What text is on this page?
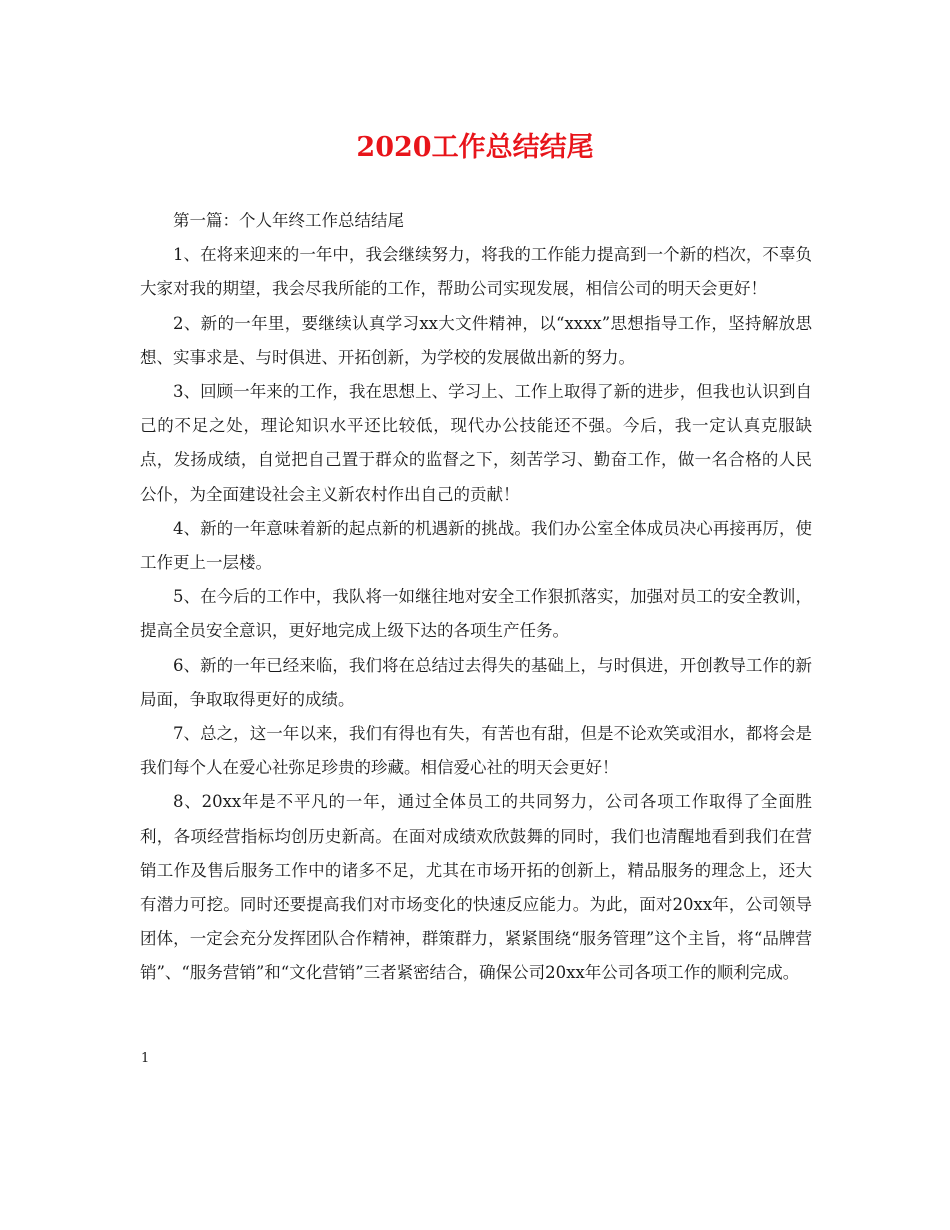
2020工作总结结尾

第一篇：个人年终工作总结结尾

1、在将来迎来的一年中，我会继续努力，将我的工作能力提高到一个新的档次，不辜负大家对我的期望，我会尽我所能的工作，帮助公司实现发展，相信公司的明天会更好！

2、新的一年里，要继续认真学习xx大文件精神，以“xxxx”思想指导工作，坚持解放思想、实事求是、与时俱进、开拓创新，为学校的发展做出新的努力。

3、回顾一年来的工作，我在思想上、学习上、工作上取得了新的进步，但我也认识到自己的不足之处，理论知识水平还比较低，现代办公技能还不强。今后，我一定认真克服缺点，发扬成绩，自觉把自己置于群众的监督之下，刻苦学习、勤奋工作，做一名合格的人民公仆，为全面建设社会主义新农村作出自己的贡献！

4、新的一年意味着新的起点新的机遇新的挑战。我们办公室全体成员决心再接再厉，使工作更上一层楼。

5、在今后的工作中，我队将一如继往地对安全工作狠抓落实，加强对员工的安全教训，提高全员安全意识，更好地完成上级下达的各项生产任务。

6、新的一年已经来临，我们将在总结过去得失的基础上，与时俱进，开创教导工作的新局面，争取取得更好的成绩。

7、总之，这一年以来，我们有得也有失，有苦也有甜，但是不论欢笑或泪水，都将会是我们每个人在爱心社弥足珍贵的珍藏。相信爱心社的明天会更好！

8、20xx年是不平凡的一年，通过全体员工的共同努力，公司各项工作取得了全面胜利，各项经营指标均创历史新高。在面对成绩欢欣鼓舞的同时，我们也清醒地看到我们在营销工作及售后服务工作中的诸多不足，尤其在市场开拓的创新上，精品服务的理念上，还大有潜力可挖。同时还要提高我们对市场变化的快速反应能力。为此，面对20xx年，公司领导团体，一定会充分发挥团队合作精神，群策群力，紧紧围绕“服务管理”这个主旨，将“品牌营销”、“服务营销”和“文化营销”三者紧密结合，确保公司20xx年公司各项工作的顺利完成。

1
